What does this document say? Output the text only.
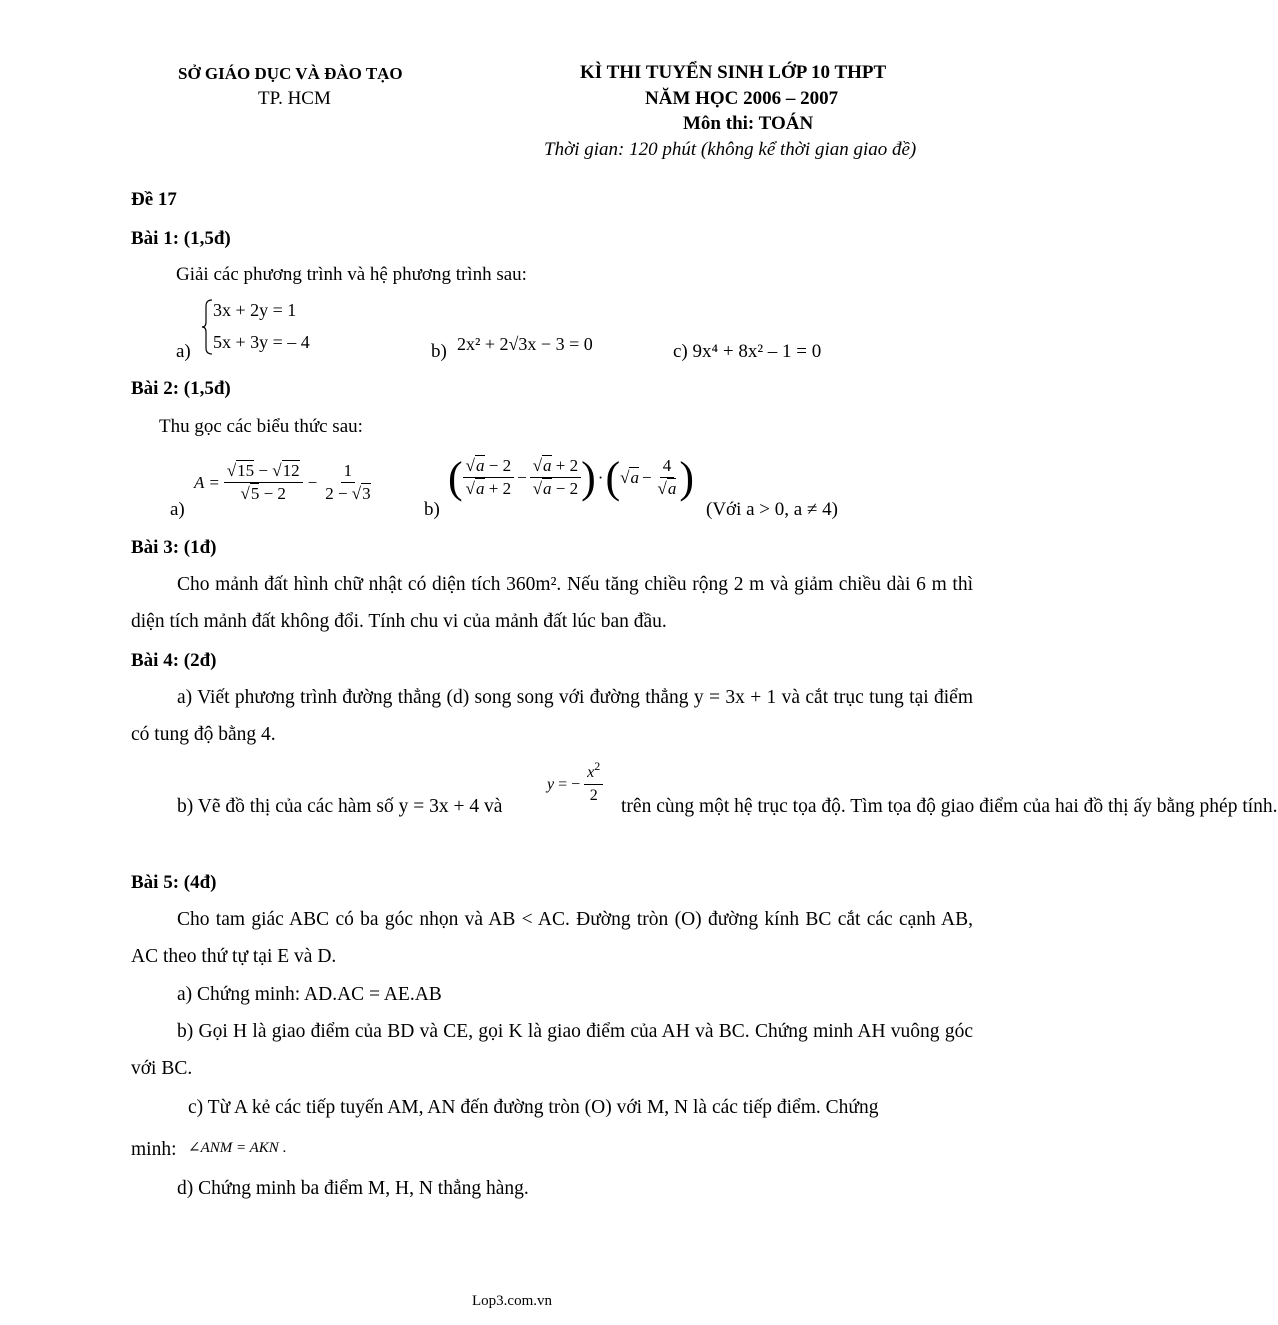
SỞ GIÁO DỤC VÀ ĐÀO TẠO
TP. HCM
KÌ THI TUYỂN SINH LỚP 10 THPT
NĂM HỌC 2006 – 2007
Môn thi: TOÁN
Thời gian: 120 phút (không kể thời gian giao đề)
Đề 17
Bài 1: (1,5đ)
Giải các phương trình và hệ phương trình sau:
a)
3x + 2y = 1
5x + 3y = – 4	b) 2x² + 2√3x − 3 = 0	c) 9x⁴ + 8x² – 1 = 0
Bài 2: (1,5đ)
Thu gọc các biểu thức sau:
a)
A = √ 15 − √ 12
√ $5 - 2 - \frac{1}{2 - √ 3}$
b)
( √ a − 2
√ a + 2 − √ a + 2
√ a − 2 ) · ( √ a − 4
√ a )
(Với a > 0, a ≠ 4)
Bài 3: (1đ)
Cho mảnh đất hình chữ nhật có diện tích 360m². Nếu tăng chiều rộng 2 m và giảm chiều dài 6 m thì diện tích mảnh đất không đổi. Tính chu vi của mảnh đất lúc ban đầu.
Bài 4: (2đ)
a) Viết phương trình đường thẳng (d) song song với đường thẳng y = 3x + 1 và cắt trục tung tại điểm có tung độ bằng 4.
b) Vẽ đồ thị của các hàm số y = 3x + 4 và
y = − $\frac{x^2}{2}$ trên cùng một hệ trục tọa độ. Tìm tọa độ giao điểm của hai đồ thị ấy bằng phép tính.
Bài 5: (4đ)
Cho tam giác ABC có ba góc nhọn và AB < AC. Đường tròn (O) đường kính BC cắt các cạnh AB, AC theo thứ tự tại E và D.
a) Chứng minh: AD.AC = AE.AB
b) Gọi H là giao điểm của BD và CE, gọi K là giao điểm của AH và BC. Chứng minh AH vuông góc với BC.
c) Từ A kẻ các tiếp tuyến AM, AN đến đường tròn (O) với M, N là các tiếp điểm. Chứng
minh: ∠ANM = AKN .
d) Chứng minh ba điểm M, H, N thẳng hàng.
Lop3.com.vn
